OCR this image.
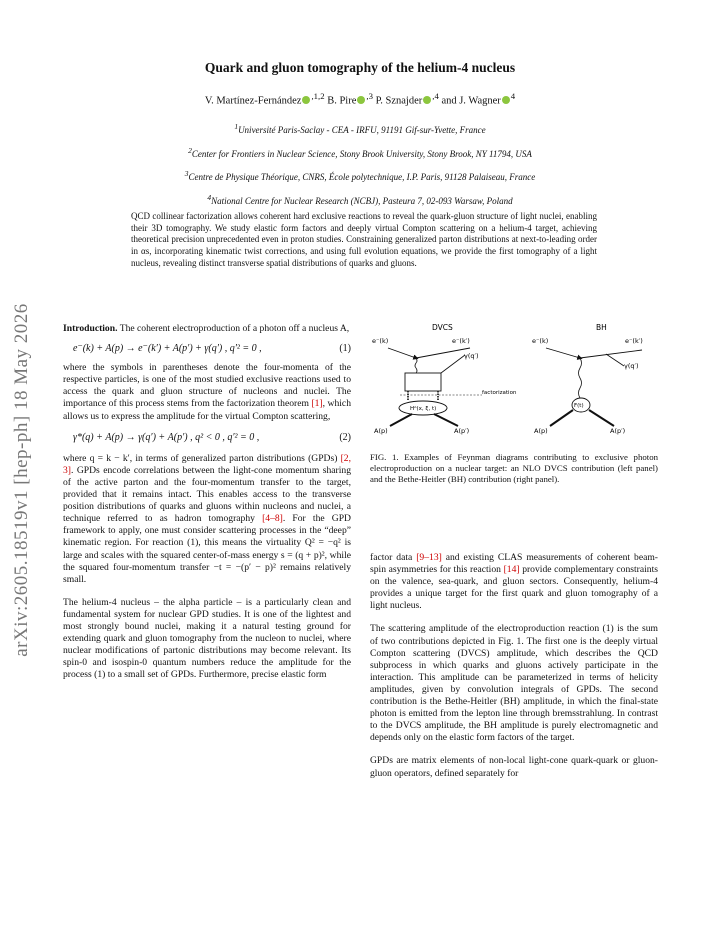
arXiv:2605.18519v1 [hep-ph] 18 May 2026
Quark and gluon tomography of the helium-4 nucleus
V. Martínez-Fernández $^{,1,2}$ B. Pire $^{,3}$ P. Sznajder $^{,4}$ and J. Wagner $^4$
$^1$Université Paris-Saclay - CEA - IRFU, 91191 Gif-sur-Yvette, France
$^2$Center for Frontiers in Nuclear Science, Stony Brook University, Stony Brook, NY 11794, USA
$^3$Centre de Physique Théorique, CNRS, École polytechnique, I.P. Paris, 91128 Palaiseau, France
$^4$National Centre for Nuclear Research (NCBJ), Pasteura 7, 02-093 Warsaw, Poland
QCD collinear factorization allows coherent hard exclusive reactions to reveal the quark-gluon structure of light nuclei, enabling their 3D tomography. We study elastic form factors and deeply virtual Compton scattering on a helium-4 target, achieving theoretical precision unprecedented even in proton studies. Constraining generalized parton distributions at next-to-leading order in αs, incorporating kinematic twist corrections, and using full evolution equations, we provide the first tomography of a light nucleus, revealing distinct transverse spatial distributions of quarks and gluons.

Introduction. The coherent electroproduction of a photon off a nucleus A,

e⁻(k) + A(p) → e⁻(k′) + A(p′) + γ(q′) , q′² = 0 ,	(1)

where the symbols in parentheses denote the four-momenta of the respective particles, is one of the most studied exclusive reactions used to access the quark and gluon structure of nucleons and nuclei. The importance of this process stems from the factorization theorem [1], which allows us to express the amplitude for the virtual Compton scattering,

γ*(q) + A(p) → γ(q′) + A(p′) , q² < 0 , q′² = 0 ,	(2)

where q = k − k′, in terms of generalized parton distributions (GPDs) [2, 3]. GPDs encode correlations between the light-cone momentum sharing of the active parton and the four-momentum transfer to the target, provided that it remains intact. This enables access to the transverse position distributions of quarks and gluons within nucleons and nuclei, a technique referred to as hadron tomography [4–8]. For the GPD framework to apply, one must consider scattering processes in the “deep” kinematic region. For reaction (1), this means the virtuality Q² = −q² is large and scales with the squared center-of-mass energy s = (q + p)², while the squared four-momentum transfer −t = −(p′ − p)² remains relatively small.

The helium-4 nucleus – the alpha particle – is a particularly clean and fundamental system for nuclear GPD studies. It is one of the lightest and most strongly bound nuclei, making it a natural testing ground for extending quark and gluon tomography from the nucleon to nuclei, where nuclear modifications of partonic distributions may become relevant. Its spin-0 and isospin-0 quantum numbers reduce the amplitude for the process (1) to a small set of GPDs. Furthermore, precise elastic form

DVCS
e⁻(k)	e⁻(k′)
γ(q′)
factorization
Hᴬ(x, ξ, t)
A(p)	A(p′)
BH
e⁻(k)	e⁻(k′)
γ(q′)
F(t)
A(p)	A(p′)
FIG. 1. Examples of Feynman diagrams contributing to exclusive photon electroproduction on a nuclear target: an NLO DVCS contribution (left panel) and the Bethe-Heitler (BH) contribution (right panel).

factor data [9–13] and existing CLAS measurements of coherent beam-spin asymmetries for this reaction [14] provide complementary constraints on the valence, sea-quark, and gluon sectors. Consequently, helium-4 provides a unique target for the first quark and gluon tomography of a light nucleus.

The scattering amplitude of the electroproduction reaction (1) is the sum of two contributions depicted in Fig. 1. The first one is the deeply virtual Compton scattering (DVCS) amplitude, which describes the QCD subprocess in which quarks and gluons actively participate in the interaction. This amplitude can be parameterized in terms of helicity amplitudes, given by convolution integrals of GPDs. The second contribution is the Bethe-Heitler (BH) amplitude, in which the final-state photon is emitted from the lepton line through bremsstrahlung. In contrast to the DVCS amplitude, the BH amplitude is purely electromagnetic and depends only on the elastic form factors of the target.

GPDs are matrix elements of non-local light-cone quark-quark or gluon-gluon operators, defined separately for
